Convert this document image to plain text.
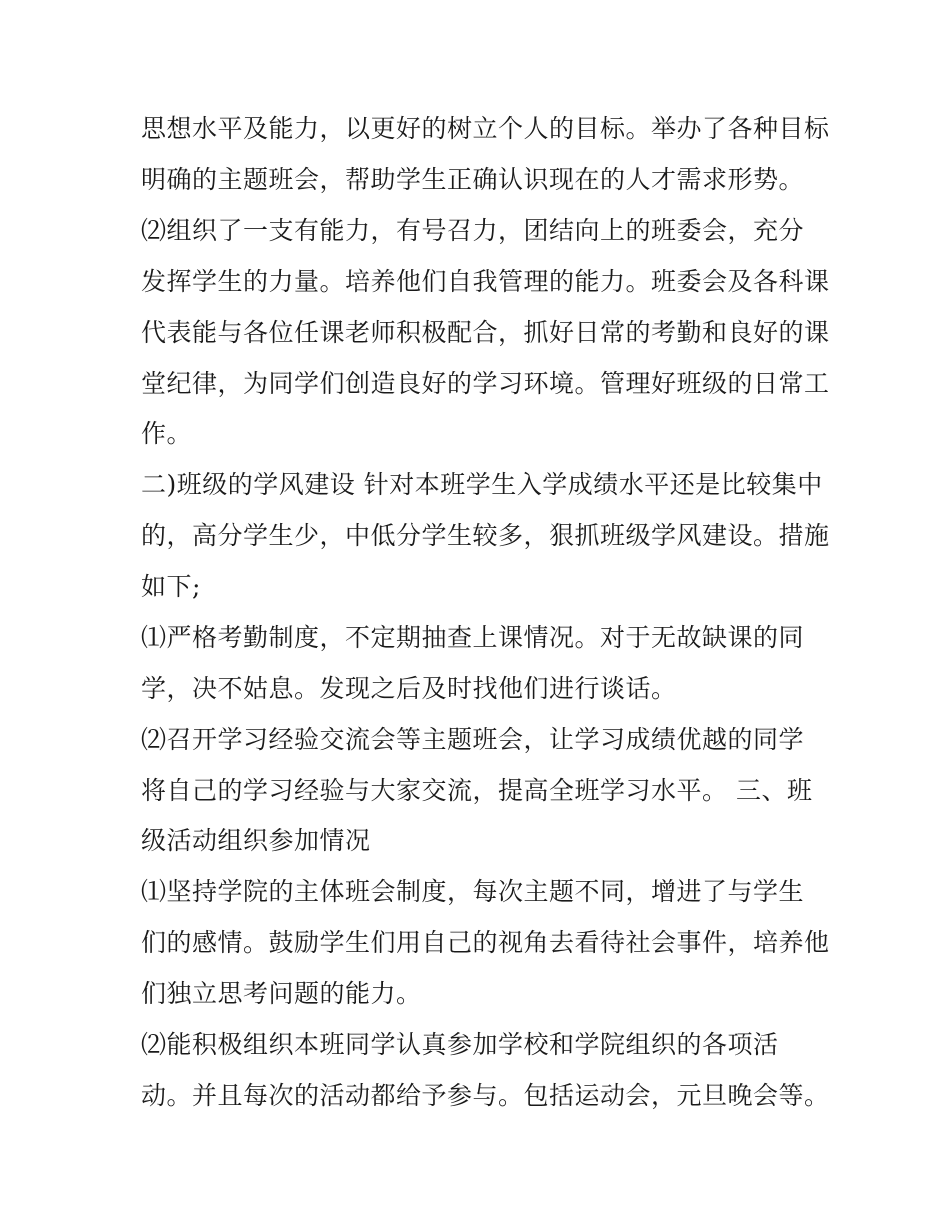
思想水平及能力，以更好的树立个人的目标。举办了各种目标
明确的主题班会，帮助学生正确认识现在的人才需求形势。
⑵组织了一支有能力，有号召力，团结向上的班委会，充分
发挥学生的力量。培养他们自我管理的能力。班委会及各科课
代表能与各位任课老师积极配合，抓好日常的考勤和良好的课
堂纪律，为同学们创造良好的学习环境。管理好班级的日常工
作。
二)班级的学风建设 针对本班学生入学成绩水平还是比较集中
的，高分学生少，中低分学生较多，狠抓班级学风建设。措施
如下;
⑴严格考勤制度，不定期抽查上课情况。对于无故缺课的同
学，决不姑息。发现之后及时找他们进行谈话。
⑵召开学习经验交流会等主题班会，让学习成绩优越的同学
将自己的学习经验与大家交流，提高全班学习水平。 三、班
级活动组织参加情况
⑴坚持学院的主体班会制度，每次主题不同，增进了与学生
们的感情。鼓励学生们用自己的视角去看待社会事件，培养他
们独立思考问题的能力。
⑵能积极组织本班同学认真参加学校和学院组织的各项活
动。并且每次的活动都给予参与。包括运动会，元旦晚会等。
